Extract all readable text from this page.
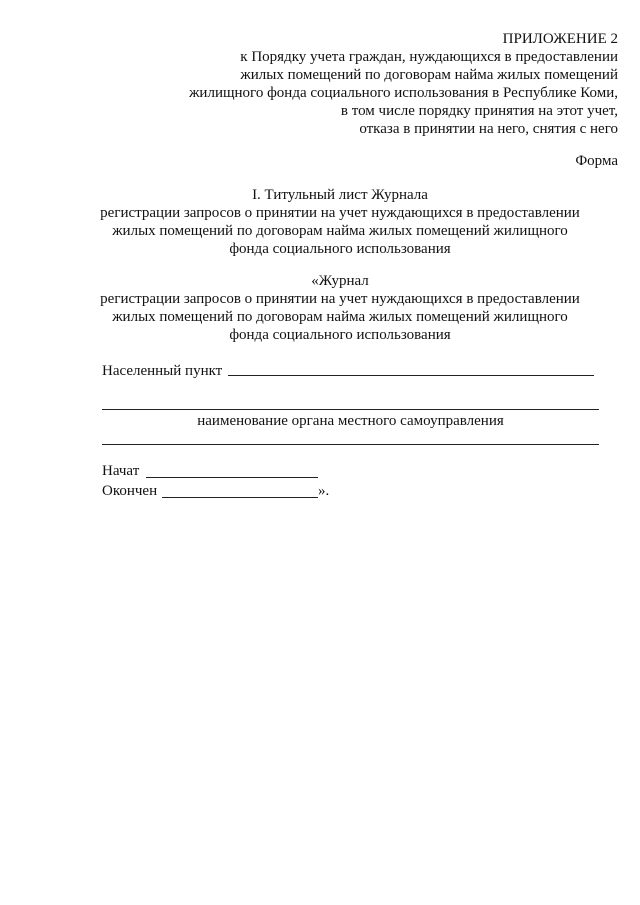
ПРИЛОЖЕНИЕ 2
к Порядку учета граждан, нуждающихся в предоставлении
жилых помещений по договорам найма жилых помещений
жилищного фонда социального использования в Республике Коми,
в том числе порядку принятия на этот учет,
отказа в принятии на него, снятия с него
Форма
I. Титульный лист Журнала
регистрации запросов о принятии на учет нуждающихся в предоставлении
жилых помещений по договорам найма жилых помещений жилищного
фонда социального использования
«Журнал
регистрации запросов о принятии на учет нуждающихся в предоставлении
жилых помещений по договорам найма жилых помещений жилищного
фонда социального использования
Населенный пункт
наименование органа местного самоуправления
Начат
Окончен	».
